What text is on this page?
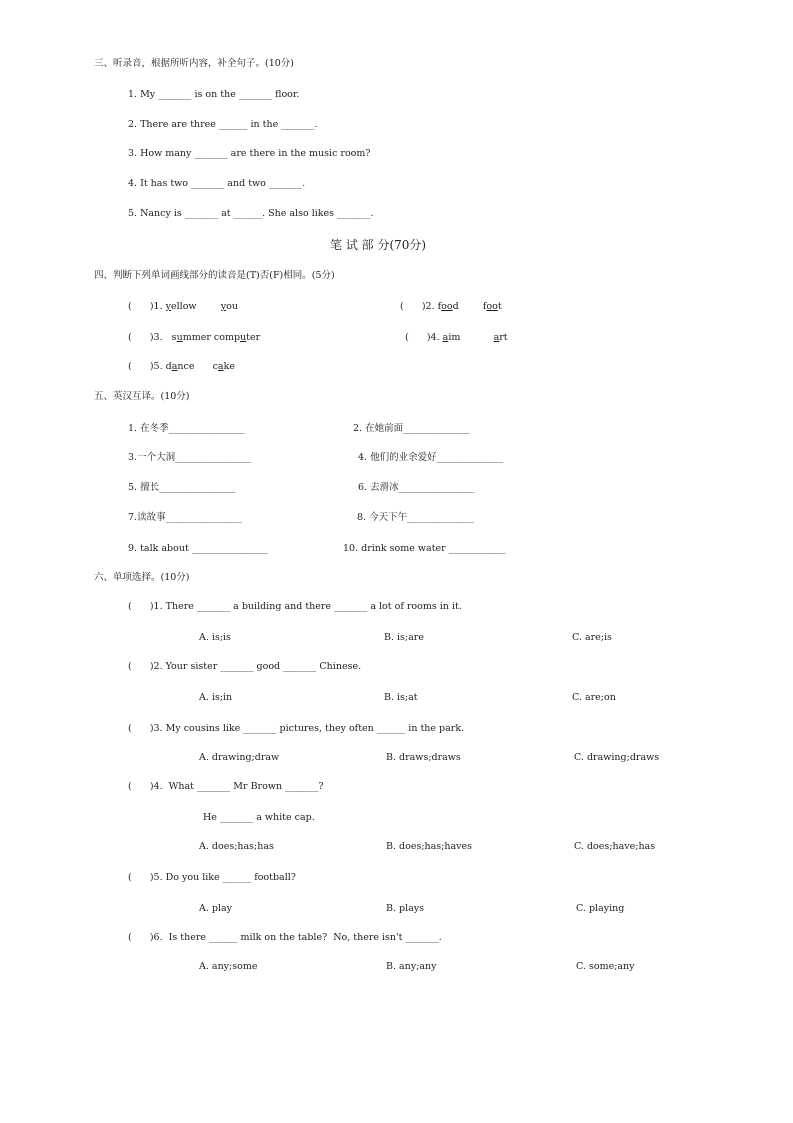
三、听录音，根据所听内容，补全句子。(10分)
1. My _______ is on the _______ floor.
2. There are three ______ in the _______.
3. How many _______ are there in the music room?
4. It has two _______ and two _______.
5. Nancy is _______ at ______. She also likes _______.
笔 试 部 分(70分)
四、判断下列单词画线部分的读音是(T)否(F)相同。(5分)
(      )1. yellow	you	(      )2. food	foot
(      )3. summer computer	(      )4. aim	art
(      )5. dance cake
五、英汉互译。(10分)
1. 在冬季________________	2. 在她前面______________
3.一个大洞________________	4. 他们的业余爱好______________
5. 擅长________________	6. 去滑冰________________
7.读故事________________	8. 今天下午______________
9. talk about ________________	10. drink some water ____________
六、单项选择。(10分)
(      )1. There _______ a building and there _______ a lot of rooms in it.
A. is;is	B. is;are	C. are;is
(      )2. Your sister _______ good _______ Chinese.
A. is;in	B. is;at	C. are;on
(      )3. My cousins like _______ pictures, they often ______ in the park.
A. drawing;draw	B. draws;draws	C. drawing;draws
(      )4.  What _______ Mr Brown _______?
He _______ a white cap.
A. does;has;has	B. does;has;haves	C. does;have;has
(      )5. Do you like ______ football?
A. play	B. plays	C. playing
(      )6.  Is there ______ milk on the table?  No, there isn't _______.
A. any;some	B. any;any	C. some;any
